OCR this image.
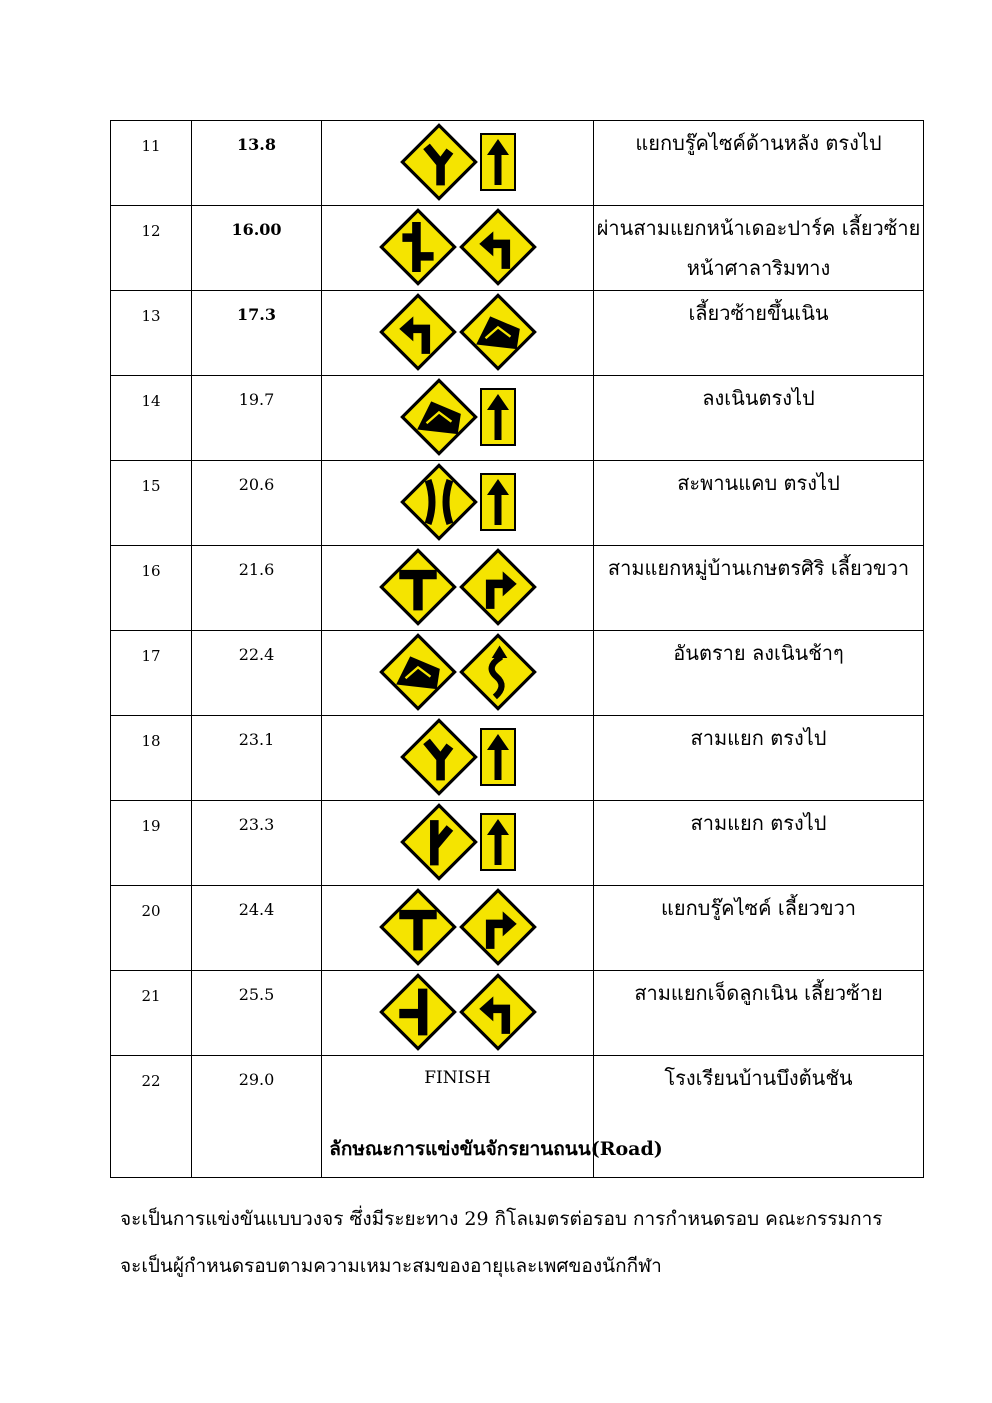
11	13.8		แยกบรู๊คไซค์ด้านหลัง ตรงไป
12	16.00		ผ่านสามแยกหน้าเดอะปาร์ค เลี้ยวซ้าย หน้าศาลาริมทาง
13	17.3		เลี้ยวซ้ายขึ้นเนิน
14	19.7		ลงเนินตรงไป
15	20.6		สะพานแคบ ตรงไป
16	21.6		สามแยกหมู่บ้านเกษตรศิริ เลี้ยวขวา
17	22.4		อันตราย ลงเนินช้าๆ
18	23.1		สามแยก ตรงไป
19	23.3		สามแยก ตรงไป
20	24.4		แยกบรู๊คไซค์ เลี้ยวขวา
21	25.5		สามแยกเจ็ดลูกเนิน เลี้ยวซ้าย
22	29.0	FINISH	โรงเรียนบ้านบึงต้นชัน
ลักษณะการแข่งขันจักรยานถนน(Road)
จะเป็นการแข่งขันแบบวงจร ซึ่งมีระยะทาง 29 กิโลเมตรต่อรอบ การกำหนดรอบ คณะกรรมการ
จะเป็นผู้กำหนดรอบตามความเหมาะสมของอายุและเพศของนักกีฬา
